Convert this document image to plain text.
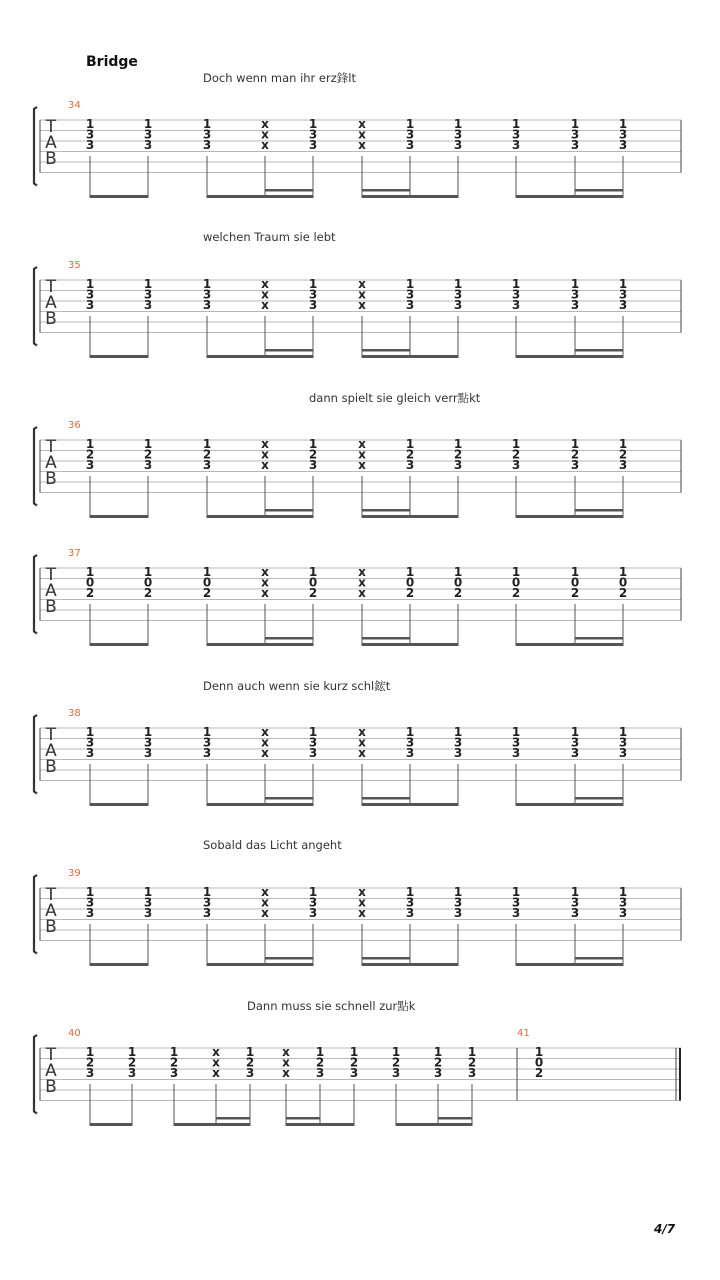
Bridge
Doch wenn man ihr erz鋒lt
T
A
B
34
1
3
3
1
3
3
1
3
3
x
x
x
1
3
3
x
x
x
1
3
3
1
3
3
1
3
3
1
3
3
1
3
3
welchen Traum sie lebt
T
A
B
35
1
3
3
1
3
3
1
3
3
x
x
x
1
3
3
x
x
x
1
3
3
1
3
3
1
3
3
1
3
3
1
3
3
dann spielt sie gleich verr點kt
T
A
B
36
1
2
3
1
2
3
1
2
3
x
x
x
1
2
3
x
x
x
1
2
3
1
2
3
1
2
3
1
2
3
1
2
3
T
A
B
37
1
0
2
1
0
2
1
0
2
x
x
x
1
0
2
x
x
x
1
0
2
1
0
2
1
0
2
1
0
2
1
0
2
Denn auch wenn sie kurz schl鋐t
T
A
B
38
1
3
3
1
3
3
1
3
3
x
x
x
1
3
3
x
x
x
1
3
3
1
3
3
1
3
3
1
3
3
1
3
3
Sobald das Licht angeht
T
A
B
39
1
3
3
1
3
3
1
3
3
x
x
x
1
3
3
x
x
x
1
3
3
1
3
3
1
3
3
1
3
3
1
3
3
Dann muss sie schnell zur點k
T
A
B
40
1
2
3
1
2
3
1
2
3
x
x
x
1
2
3
x
x
x
1
2
3
1
2
3
1
2
3
1
2
3
1
2
3
41
1
0
2
4/7
